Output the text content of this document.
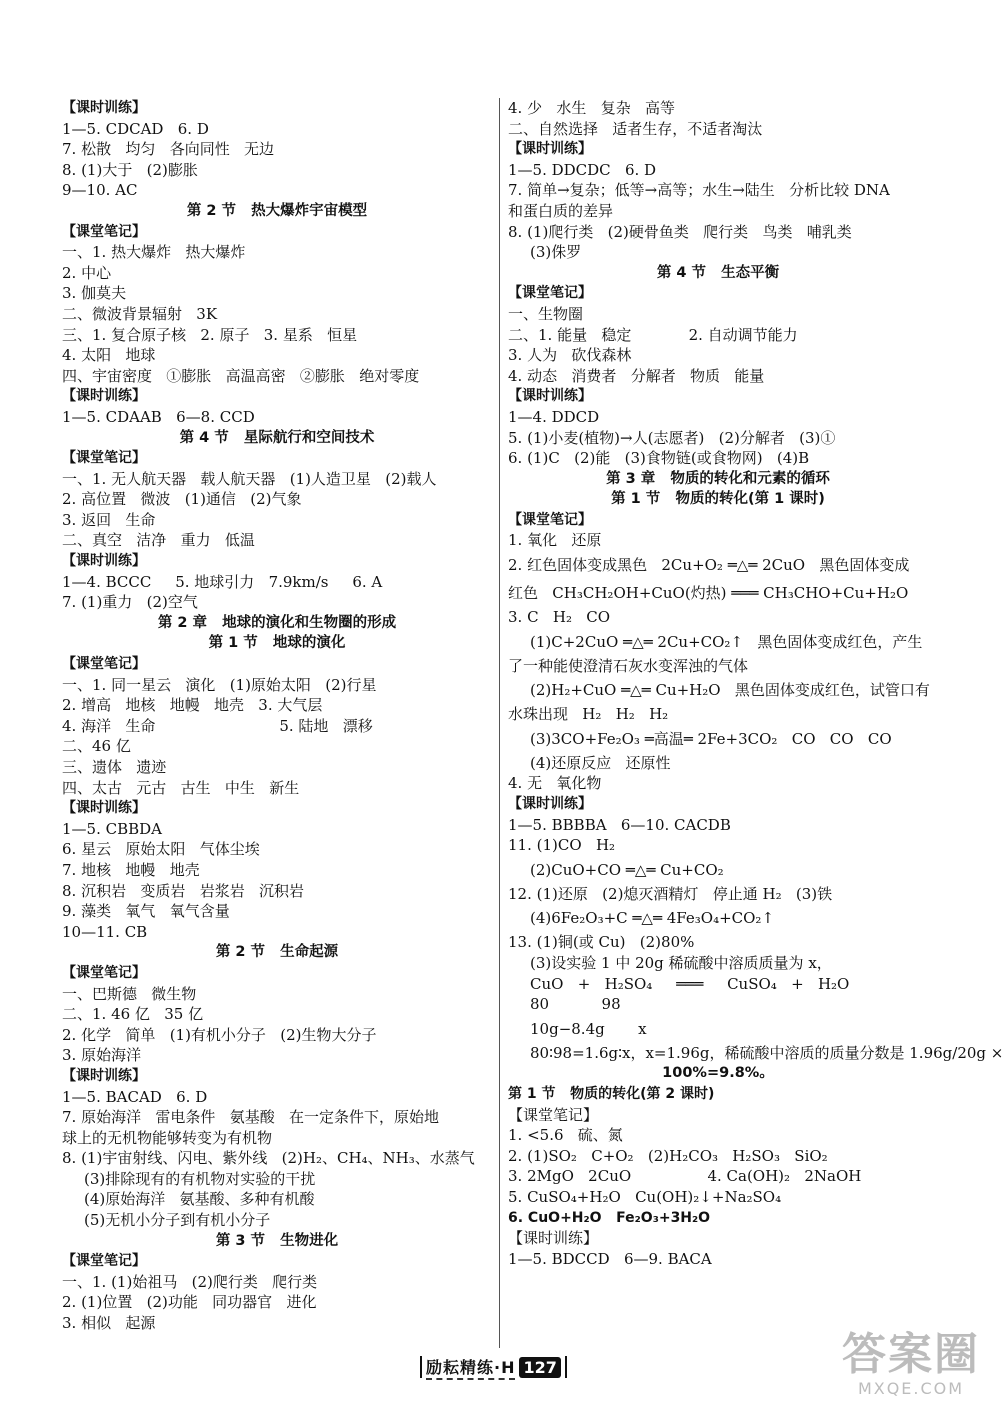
【课时训练】
1—5. CDCAD   6. D
7. 松散   均匀   各向同性   无边
8. (1)大于   (2)膨胀
9—10. AC
第 2 节   热大爆炸宇宙模型
【课堂笔记】
一、1. 热大爆炸   热大爆炸
2. 中心
3. 伽莫夫
二、微波背景辐射   3K
三、1. 复合原子核   2. 原子   3. 星系   恒星
4. 太阳   地球
四、宇宙密度   ①膨胀   高温高密   ②膨胀   绝对零度
【课时训练】
1—5. CDAAB   6—8. CCD
第 4 节   星际航行和空间技术
【课堂笔记】
一、1. 无人航天器   载人航天器   (1)人造卫星   (2)载人
2. 高位置   微波   (1)通信   (2)气象
3. 返回   生命
二、真空   洁净   重力   低温
【课时训练】
1—4. BCCC     5. 地球引力   7.9km/s     6. A
7. (1)重力   (2)空气
第 2 章   地球的演化和生物圈的形成
第 1 节   地球的演化
【课堂笔记】
一、1. 同一星云   演化   (1)原始太阳   (2)行星
2. 增高   地核   地幔   地壳   3. 大气层
4. 海洋   生命                          5. 陆地   漂移
二、46 亿
三、遗体   遗迹
四、太古   元古   古生   中生   新生
【课时训练】
1—5. CBBDA
6. 星云   原始太阳   气体尘埃
7. 地核   地幔   地壳
8. 沉积岩   变质岩   岩浆岩   沉积岩
9. 藻类   氧气   氧气含量
10—11. CB
第 2 节   生命起源
【课堂笔记】
一、巴斯德   微生物
二、1. 46 亿   35 亿
2. 化学   简单   (1)有机小分子   (2)生物大分子
3. 原始海洋
【课时训练】
1—5. BACAD   6. D
7. 原始海洋   雷电条件   氨基酸   在一定条件下，原始地
球上的无机物能够转变为有机物
8. (1)宇宙射线、闪电、紫外线   (2)H₂、CH₄、NH₃、水蒸气
(3)排除现有的有机物对实验的干扰
(4)原始海洋   氨基酸、多种有机酸
(5)无机小分子到有机小分子
第 3 节   生物进化
【课堂笔记】
一、1. (1)始祖马   (2)爬行类   爬行类
2. (1)位置   (2)功能   同功器官   进化
3. 相似   起源
4. 少   水生   复杂   高等
二、自然选择   适者生存，不适者淘汰
【课时训练】
1—5. DDCDC   6. D
7. 简单→复杂；低等→高等；水生→陆生   分析比较 DNA
和蛋白质的差异
8. (1)爬行类   (2)硬骨鱼类   爬行类   鸟类   哺乳类
(3)侏罗
第 4 节   生态平衡
【课堂笔记】
一、生物圈
二、1. 能量   稳定            2. 自动调节能力
3. 人为   砍伐森林
4. 动态   消费者   分解者   物质   能量
【课时训练】
1—4. DDCD
5. (1)小麦(植物)→人(志愿者)   (2)分解者   (3)①
6. (1)C   (2)能   (3)食物链(或食物网)   (4)B
第 3 章   物质的转化和元素的循环
第 1 节   物质的转化(第 1 课时)
【课堂笔记】
1. 氧化   还原
2. 红色固体变成黑色   2Cu+O₂ ═△═ 2CuO   黑色固体变成
红色   CH₃CH₂OH+CuO(灼热) ═══ CH₃CHO+Cu+H₂O
3. C   H₂   CO
(1)C+2CuO ═△═ 2Cu+CO₂↑   黑色固体变成红色，产生
了一种能使澄清石灰水变浑浊的气体
(2)H₂+CuO ═△═ Cu+H₂O   黑色固体变成红色，试管口有
水珠出现   H₂   H₂   H₂
(3)3CO+Fe₂O₃ ═高温═ 2Fe+3CO₂   CO   CO   CO
(4)还原反应   还原性
4. 无   氧化物
【课时训练】
1—5. BBBBA   6—10. CACDB
11. (1)CO   H₂
(2)CuO+CO ═△═ Cu+CO₂
12. (1)还原   (2)熄灭酒精灯   停止通 H₂   (3)铁
(4)6Fe₂O₃+C ═△═ 4Fe₃O₄+CO₂↑
13. (1)铜(或 Cu)   (2)80%
(3)设实验 1 中 20g 稀硫酸中溶质质量为 x，
CuO   +   H₂SO₄     ═══     CuSO₄   +   H₂O
80           98
10g−8.4g       x
80∶98=1.6g∶x，x=1.96g，稀硫酸中溶质的质量分数是 1.96g/20g ×
100%=9.8%。
第 1 节   物质的转化(第 2 课时)
【课堂笔记】
1. <5.6   硫、氮
2. (1)SO₂   C+O₂   (2)H₂CO₃   H₂SO₃   SiO₂
3. 2MgO   2CuO                4. Ca(OH)₂   2NaOH
5. CuSO₄+H₂O   Cu(OH)₂↓+Na₂SO₄
6. CuO+H₂O   Fe₂O₃+3H₂O
【课时训练】
1—5. BDCCD   6—9. BACA
励耘精练·H 127	答案圈
MXQE.COM
